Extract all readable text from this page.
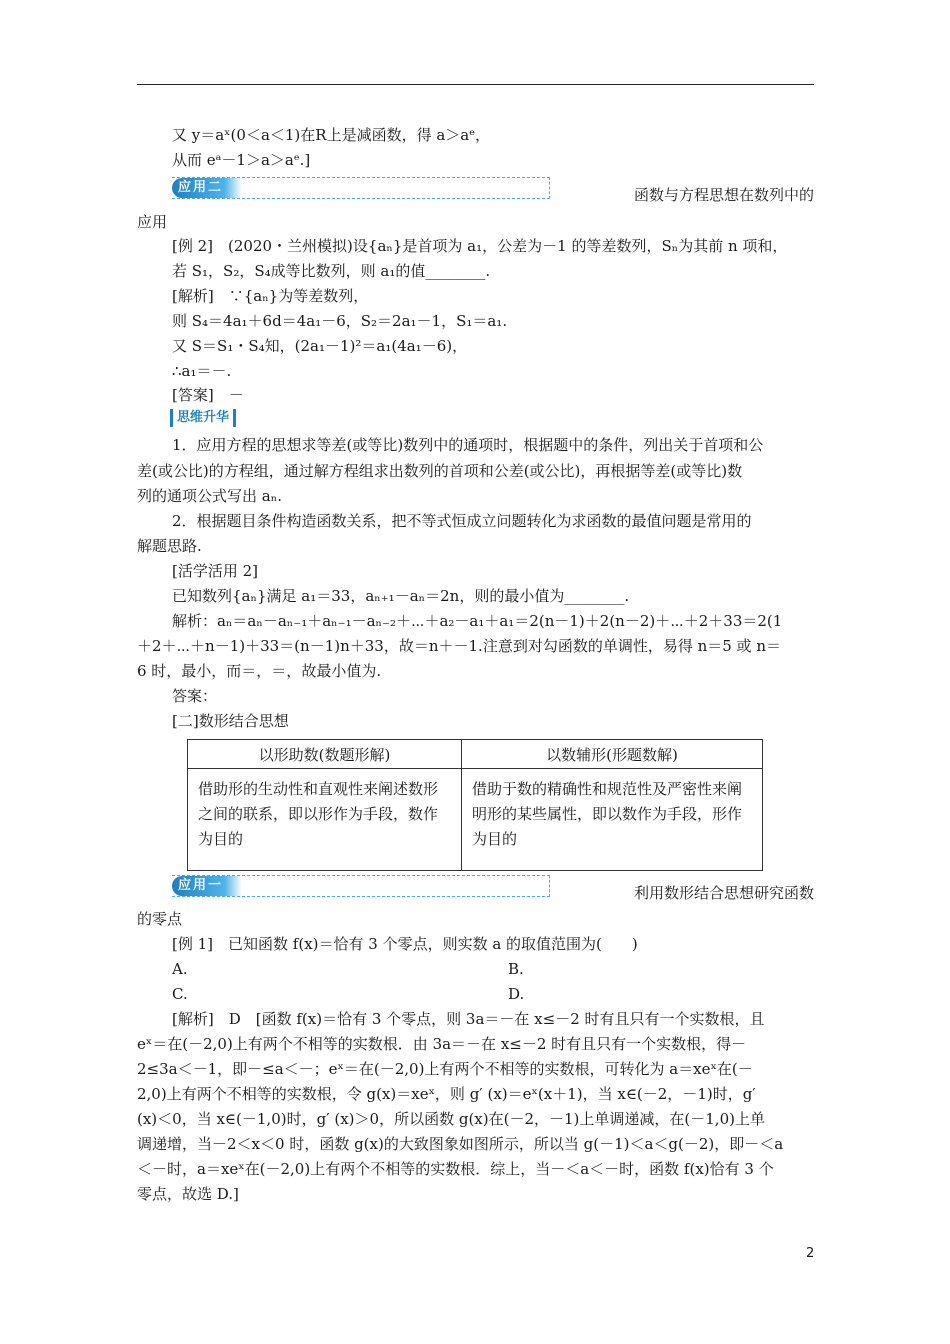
又 y＝aˣ(0＜a＜1)在R上是减函数，得 a＞aᵉ，
从而 eᵃ－1＞a＞aᵉ.]
应用二	函数与方程思想在数列中的
应用
[例 2]　(2020・兰州模拟)设{aₙ}是首项为 a₁，公差为－1 的等差数列，Sₙ为其前 n 项和，
若 S₁，S₂，S₄成等比数列，则 a₁的值________.
[解析]　∵{aₙ}为等差数列，
则 S₄＝4a₁＋6d＝4a₁－6，S₂＝2a₁－1，S₁＝a₁.
又 S＝S₁・S₄知，(2a₁－1)²＝a₁(4a₁－6)，
∴a₁＝－.
[答案]　－
思维升华
1．应用方程的思想求等差(或等比)数列中的通项时，根据题中的条件，列出关于首项和公
差(或公比)的方程组，通过解方程组求出数列的首项和公差(或公比)，再根据等差(或等比)数
列的通项公式写出 aₙ.
2．根据题目条件构造函数关系，把不等式恒成立问题转化为求函数的最值问题是常用的
解题思路.
[活学活用 2]
已知数列{aₙ}满足 a₁＝33，aₙ₊₁－aₙ＝2n，则的最小值为________.
解析：aₙ＝aₙ－aₙ₋₁＋aₙ₋₁－aₙ₋₂＋⋯＋a₂－a₁＋a₁＝2(n－1)＋2(n－2)＋⋯＋2＋33＝2(1
＋2＋⋯＋n－1)＋33＝(n－1)n＋33，故＝n＋－1.注意到对勾函数的单调性，易得 n＝5 或 n＝
6 时，最小，而＝，＝，故最小值为.
答案：
[二]数形结合思想
以形助数(数题形解)	以数辅形(形题数解)
借助形的生动性和直观性来阐述数形之间的联系，即以形作为手段，数作为目的	借助于数的精确性和规范性及严密性来阐明形的某些属性，即以数作为手段，形作为目的
应用一	利用数形结合思想研究函数
的零点
[例 1]　已知函数 f(x)＝恰有 3 个零点，则实数 a 的取值范围为(　　)
A.	B.
C.	D.
[解析]　D　[函数 f(x)＝恰有 3 个零点，则 3a＝－在 x≤－2 时有且只有一个实数根，且
eˣ＝在(－2,0)上有两个不相等的实数根．由 3a＝－在 x≤－2 时有且只有一个实数根，得－
2≤3a＜－1，即－≤a＜－；eˣ＝在(－2,0)上有两个不相等的实数根，可转化为 a＝xeˣ在(－
2,0)上有两个不相等的实数根，令 g(x)＝xeˣ，则 g′ (x)＝eˣ(x＋1)，当 x∈(－2，－1)时，g′
(x)＜0，当 x∈(－1,0)时，g′ (x)＞0，所以函数 g(x)在(－2，－1)上单调递减，在(－1,0)上单
调递增，当－2＜x＜0 时，函数 g(x)的大致图象如图所示，所以当 g(－1)＜a＜g(－2)，即－＜a
＜－时，a＝xeˣ在(－2,0)上有两个不相等的实数根．综上，当－＜a＜－时，函数 f(x)恰有 3 个
零点，故选 D.]
2
